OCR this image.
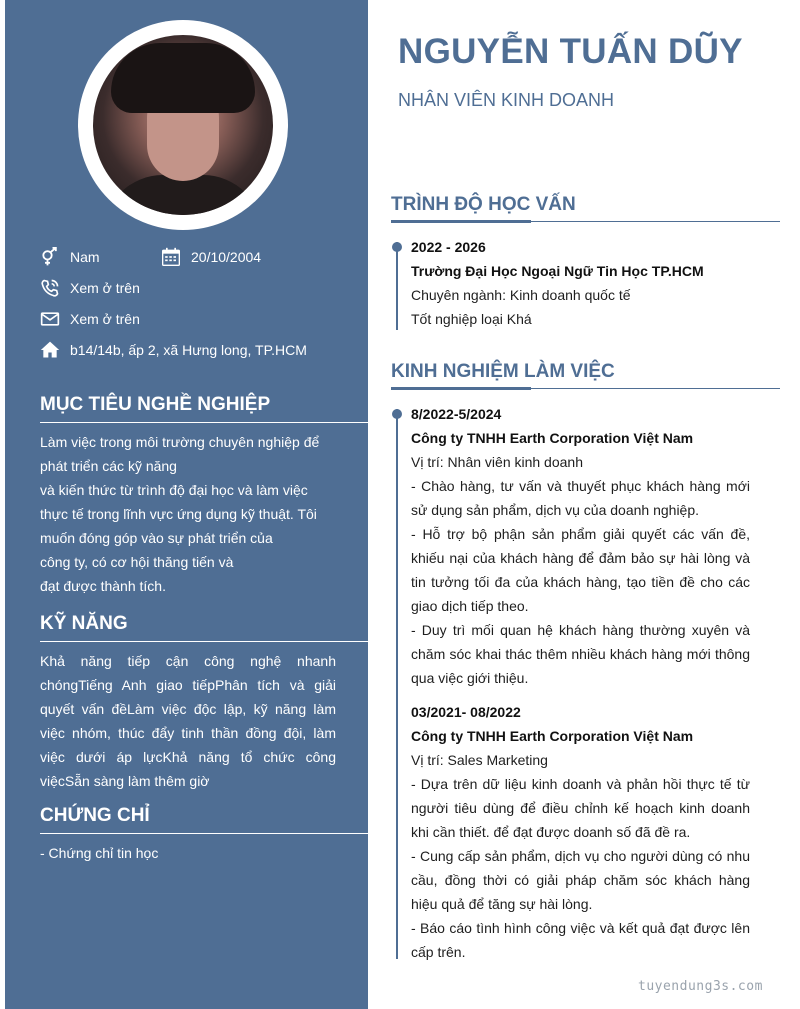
Nam	20/10/2004
Xem ở trên
Xem ở trên
b14/14b, ấp 2, xã Hưng long, TP.HCM
MỤC TIÊU NGHỀ NGHIỆP
Làm việc trong môi trường chuyên nghiệp để
phát triển các kỹ năng
và kiến thức từ trình độ đại học và làm việc
thực tế trong lĩnh vực ứng dụng kỹ thuật. Tôi
muốn đóng góp vào sự phát triển của
công ty, có cơ hội thăng tiến và
đạt được thành tích.
KỸ NĂNG
Khả năng tiếp cận công nghệ nhanh chóngTiếng Anh giao tiếpPhân tích và giải quyết vấn đềLàm việc độc lập, kỹ năng làm việc nhóm, thúc đẩy tinh thần đồng đội, làm việc dưới áp lựcKhả năng tổ chức công việcSẵn sàng làm thêm giờ
CHỨNG CHỈ
- Chứng chỉ tin học
NGUYỄN TUẤN DŨY
NHÂN VIÊN KINH DOANH
TRÌNH ĐỘ HỌC VẤN
2022 - 2026
Trường Đại Học Ngoại Ngữ Tin Học TP.HCM
Chuyên ngành: Kinh doanh quốc tế
Tốt nghiệp loại Khá
KINH NGHIỆM LÀM VIỆC
8/2022-5/2024
Công ty TNHH Earth Corporation Việt Nam
Vị trí: Nhân viên kinh doanh
- Chào hàng, tư vấn và thuyết phục khách hàng mới sử dụng sản phẩm, dịch vụ của doanh nghiệp.
- Hỗ trợ bộ phận sản phẩm giải quyết các vấn đề, khiếu nại của khách hàng để đảm bảo sự hài lòng và tin tưởng tối đa của khách hàng, tạo tiền đề cho các giao dịch tiếp theo.
- Duy trì mối quan hệ khách hàng thường xuyên và chăm sóc khai thác thêm nhiều khách hàng mới thông qua việc giới thiệu.
03/2021- 08/2022
Công ty TNHH Earth Corporation Việt Nam
Vị trí: Sales Marketing
- Dựa trên dữ liệu kinh doanh và phản hồi thực tế từ người tiêu dùng để điều chỉnh kế hoạch kinh doanh khi cần thiết. để đạt được doanh số đã đề ra.
- Cung cấp sản phẩm, dịch vụ cho người dùng có nhu cầu, đồng thời có giải pháp chăm sóc khách hàng hiệu quả để tăng sự hài lòng.
- Báo cáo tình hình công việc và kết quả đạt được lên cấp trên.
tuyendung3s.com
